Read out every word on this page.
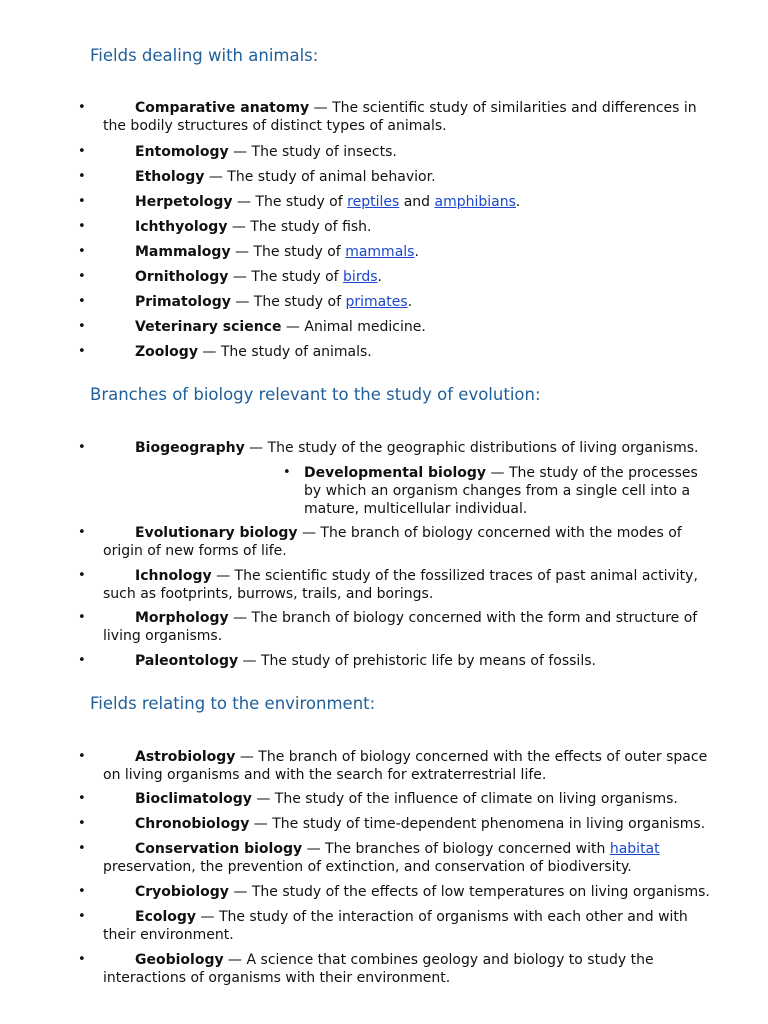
Fields dealing with animals:
•	Comparative anatomy — The scientific study of similarities and differences in the bodily structures of distinct types of animals.
•	Entomology — The study of insects.
•	Ethology — The study of animal behavior.
•	Herpetology — The study of reptiles and amphibians.
•	Ichthyology — The study of fish.
•	Mammalogy — The study of mammals.
•	Ornithology — The study of birds.
•	Primatology — The study of primates.
•	Veterinary science — Animal medicine.
•	Zoology — The study of animals.
Branches of biology relevant to the study of evolution:
•	Biogeography — The study of the geographic distributions of living organisms.
• Developmental biology — The study of the processes by which an organism changes from a single cell into a mature, multicellular individual.
•	Evolutionary biology — The branch of biology concerned with the modes of origin of new forms of life.
•	Ichnology — The scientific study of the fossilized traces of past animal activity, such as footprints, burrows, trails, and borings.
•	Morphology — The branch of biology concerned with the form and structure of living organisms.
•	Paleontology — The study of prehistoric life by means of fossils.
Fields relating to the environment:
•	Astrobiology — The branch of biology concerned with the effects of outer space on living organisms and with the search for extraterrestrial life.
•	Bioclimatology — The study of the influence of climate on living organisms.
•	Chronobiology — The study of time-dependent phenomena in living organisms.
•	Conservation biology — The branches of biology concerned with habitat preservation, the prevention of extinction, and conservation of biodiversity.
•	Cryobiology — The study of the effects of low temperatures on living organisms.
•	Ecology — The study of the interaction of organisms with each other and with their environment.
•	Geobiology — A science that combines geology and biology to study the interactions of organisms with their environment.
